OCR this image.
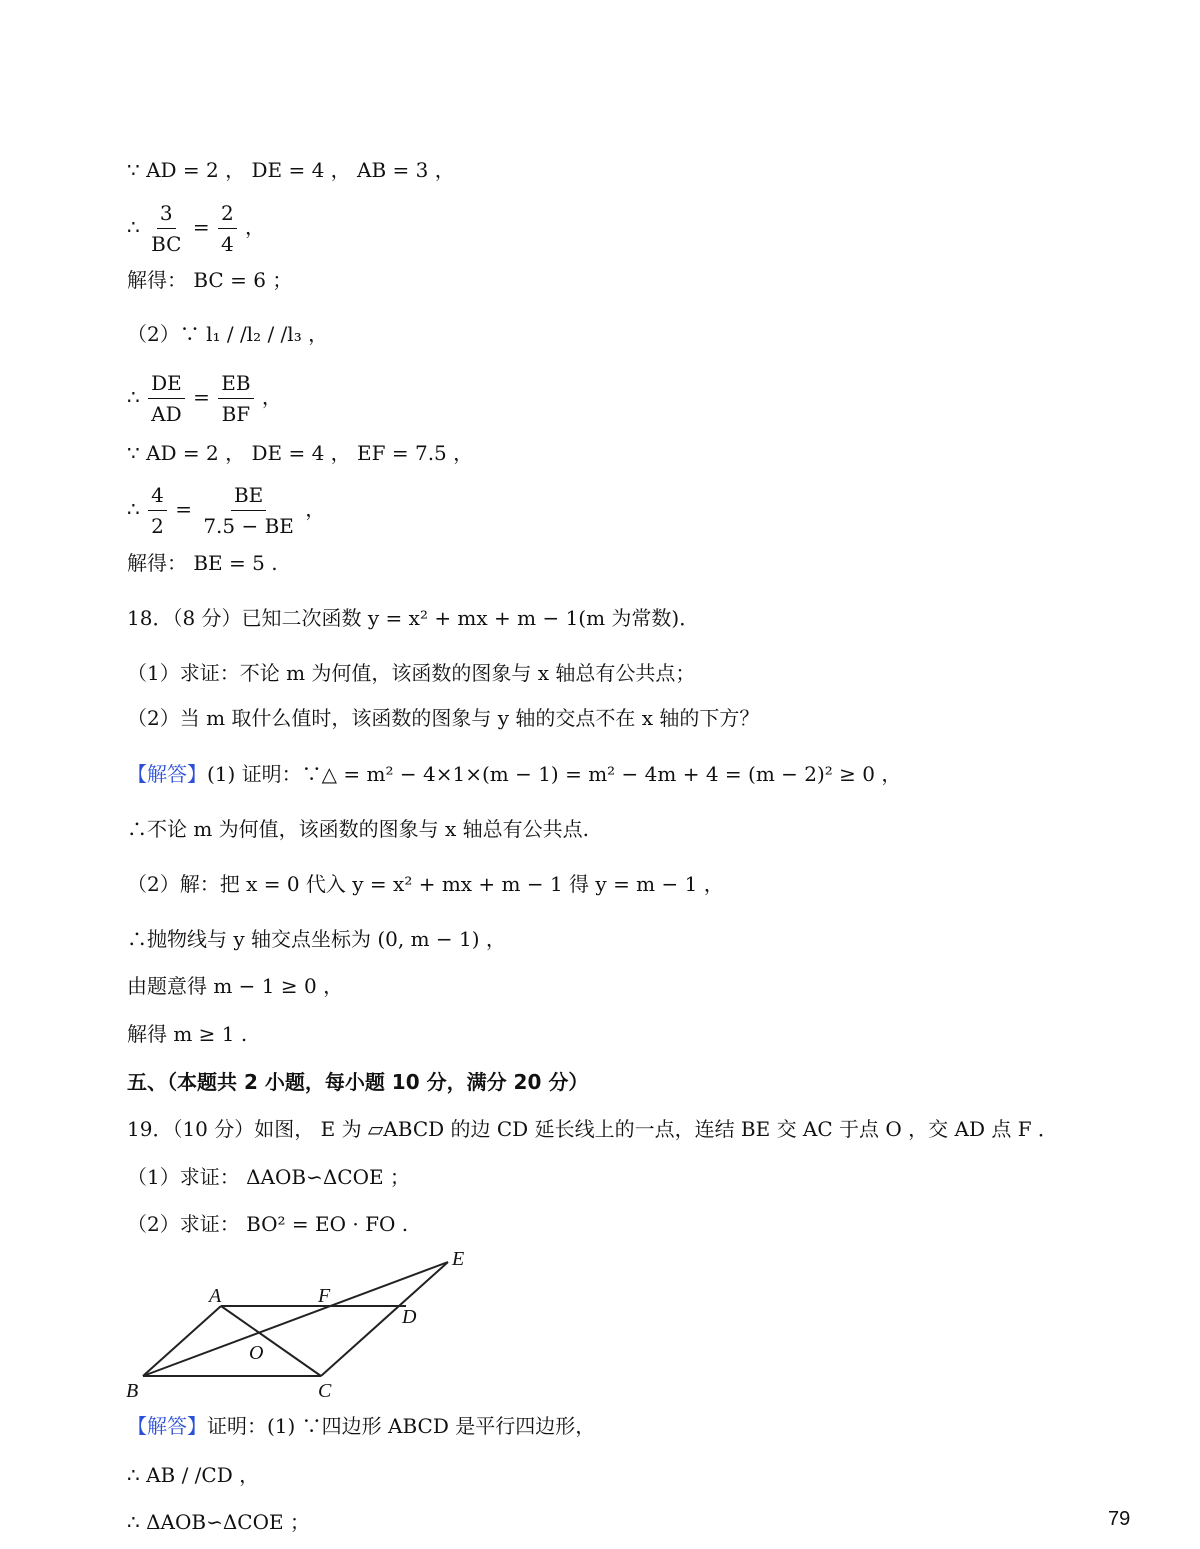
∵ AD = 2 ， DE = 4 ， AB = 3 ，
∴ $\frac{3}{BC} = \frac{2}{4}$ ，
解得： BC = 6 ；
（2）∵ l₁ / /l₂ / /l₃ ，
∴ $\frac{DE}{AD} = \frac{EB}{BF}$ ，
∵ AD = 2 ， DE = 4 ， EF = 7.5 ，
∴ $\frac{4}{2} = \frac{BE}{7.5 - BE}$ ，
解得： BE = 5 .
18．（8 分）已知二次函数 y = x² + mx + m − 1(m 为常数)．
（1）求证：不论 m 为何值，该函数的图象与 x 轴总有公共点；
（2）当 m 取什么值时，该函数的图象与 y 轴的交点不在 x 轴的下方？
【解答】(1) 证明：∵△ = m² − 4×1×(m − 1) = m² − 4m + 4 = (m − 2)² ≥ 0 ，
∴不论 m 为何值，该函数的图象与 x 轴总有公共点.
（2）解：把 x = 0 代入 y = x² + mx + m − 1 得 y = m − 1 ，
∴抛物线与 y 轴交点坐标为 (0, m − 1) ，
由题意得 m − 1 ≥ 0 ，
解得 m ≥ 1 .
五、（本题共 2 小题，每小题 10 分，满分 20 分）
19．（10 分）如图， E 为 ▱ABCD 的边 CD 延长线上的一点，连结 BE 交 AC 于点 O ，交 AD 点 F ．
（1）求证： ΔAOB∽ΔCOE ；
（2）求证： BO² = EO · FO .
A	F
E
D
O
B	C
【解答】证明：(1) ∵四边形 ABCD 是平行四边形，
∴ AB / /CD ，
∴ ΔAOB∽ΔCOE ；	79
